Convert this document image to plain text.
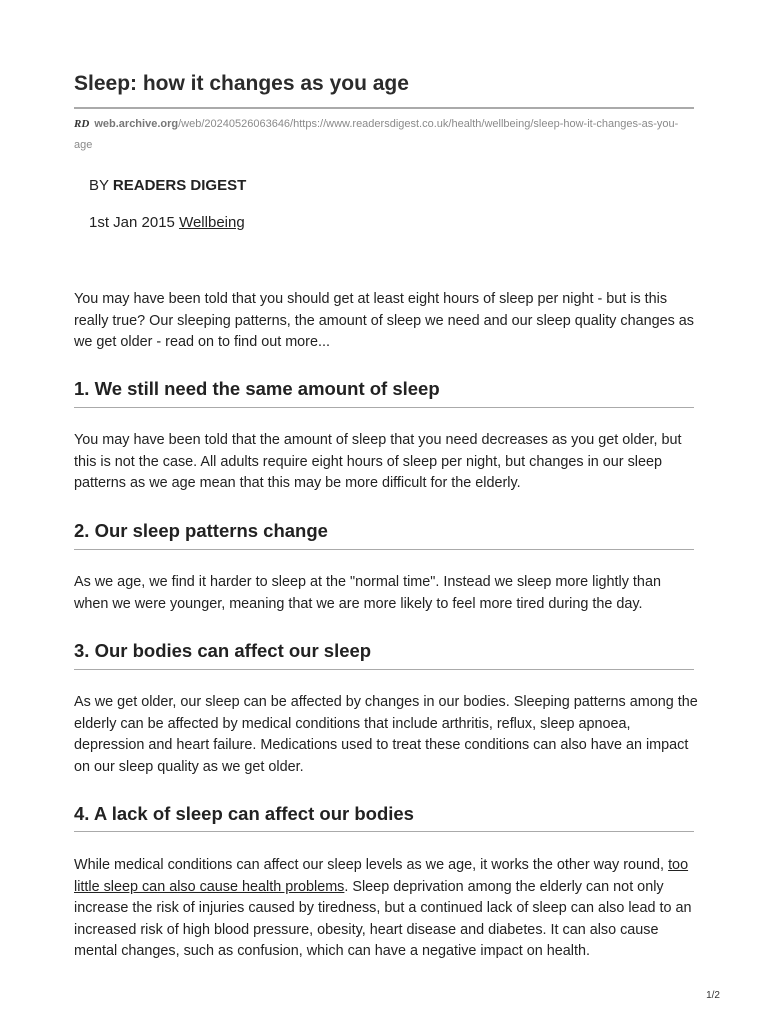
Sleep: how it changes as you age
RD web.archive.org/web/20240526063646/https://www.readersdigest.co.uk/health/wellbeing/sleep-how-it-changes-as-you-age
BY READERS DIGEST
1st Jan 2015 Wellbeing

You may have been told that you should get at least eight hours of sleep per night - but is this really true? Our sleeping patterns, the amount of sleep we need and our sleep quality changes as we get older - read on to find out more...

1. We still need the same amount of sleep

You may have been told that the amount of sleep that you need decreases as you get older, but this is not the case. All adults require eight hours of sleep per night, but changes in our sleep patterns as we age mean that this may be more difficult for the elderly.

2. Our sleep patterns change

As we age, we find it harder to sleep at the "normal time". Instead we sleep more lightly than when we were younger, meaning that we are more likely to feel more tired during the day.

3. Our bodies can affect our sleep

As we get older, our sleep can be affected by changes in our bodies. Sleeping patterns among the elderly can be affected by medical conditions that include arthritis, reflux, sleep apnoea, depression and heart failure. Medications used to treat these conditions can also have an impact on our sleep quality as we get older.

4. A lack of sleep can affect our bodies

While medical conditions can affect our sleep levels as we age, it works the other way round, too little sleep can also cause health problems. Sleep deprivation among the elderly can not only increase the risk of injuries caused by tiredness, but a continued lack of sleep can also lead to an increased risk of high blood pressure, obesity, heart disease and diabetes. It can also cause mental changes, such as confusion, which can have a negative impact on health.

1/2
